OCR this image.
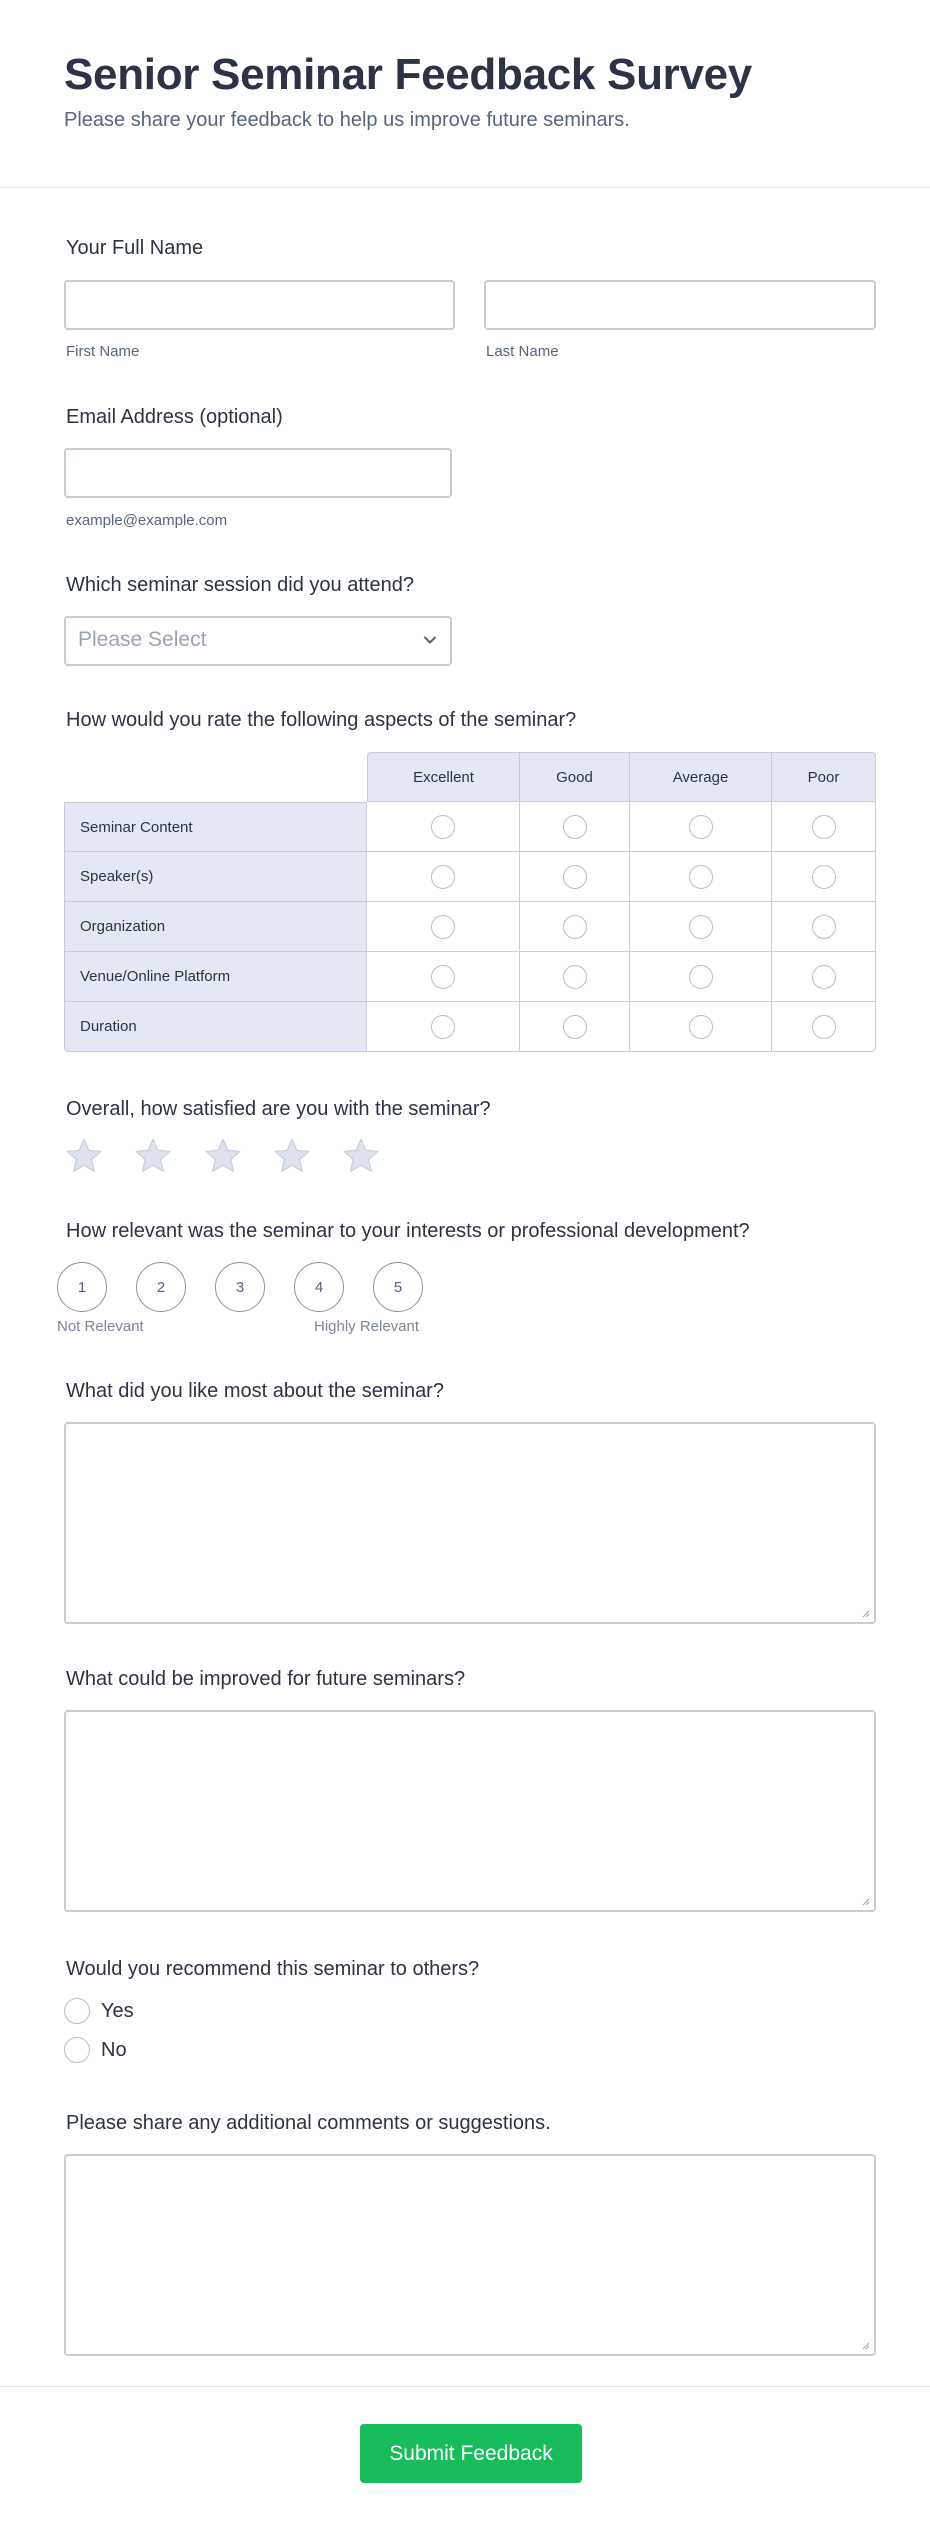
Senior Seminar Feedback Survey
Please share your feedback to help us improve future seminars.
Your Full Name
First Name	Last Name
Email Address (optional)
example@example.com
Which seminar session did you attend?
Please Select
How would you rate the following aspects of the seminar?
Excellent	Good	Average	Poor
Seminar Content
Speaker(s)
Organization
Venue/Online Platform
Duration
Overall, how satisfied are you with the seminar?
How relevant was the seminar to your interests or professional development?
1	2	3	4	5
Not Relevant	Highly Relevant
What did you like most about the seminar?
What could be improved for future seminars?
Would you recommend this seminar to others?
Yes
No
Please share any additional comments or suggestions.
Submit Feedback
